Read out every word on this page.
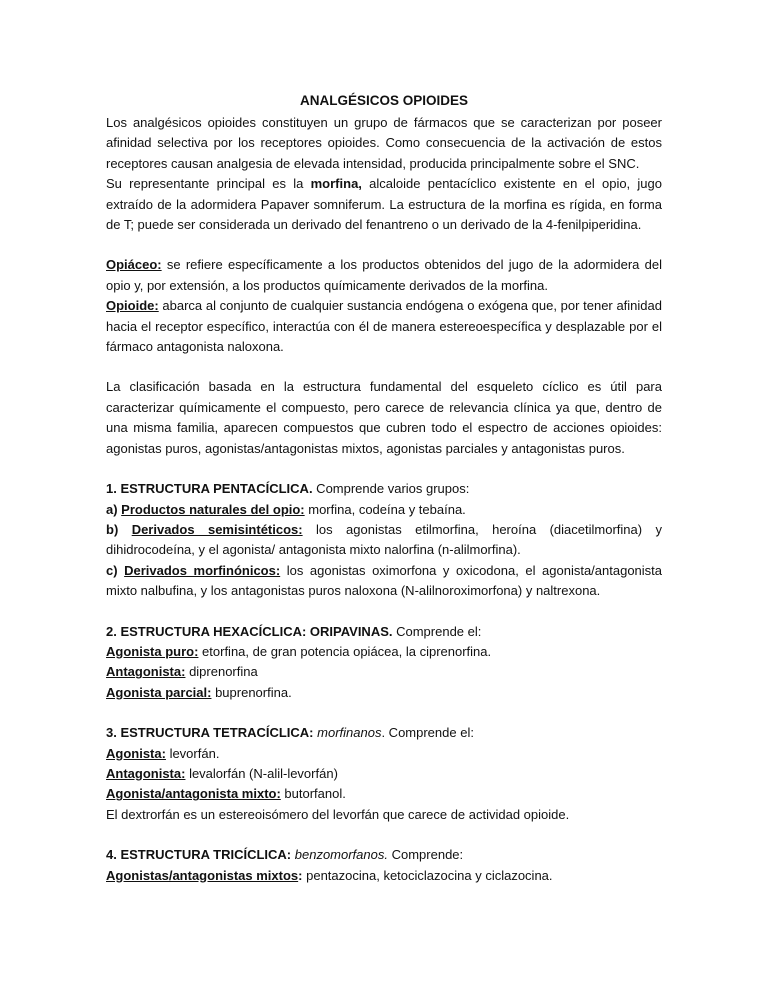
ANALGÉSICOS OPIOIDES

Los analgésicos opioides constituyen un grupo de fármacos que se caracterizan por poseer afinidad selectiva por los receptores opioides. Como consecuencia de la activación de estos receptores causan analgesia de elevada intensidad, producida principalmente sobre el SNC.

Su representante principal es la morfina, alcaloide pentacíclico existente en el opio, jugo extraído de la adormidera Papaver somniferum. La estructura de la morfina es rígida, en forma de T; puede ser considerada un derivado del fenantreno o un derivado de la 4-fenilpiperidina.

Opiáceo: se refiere específicamente a los productos obtenidos del jugo de la adormidera del opio y, por extensión, a los productos químicamente derivados de la morfina.

Opioide: abarca al conjunto de cualquier sustancia endógena o exógena que, por tener afinidad hacia el receptor específico, interactúa con él de manera estereoespecífica y desplazable por el fármaco antagonista naloxona.

La clasificación basada en la estructura fundamental del esqueleto cíclico es útil para caracterizar químicamente el compuesto, pero carece de relevancia clínica ya que, dentro de una misma familia, aparecen compuestos que cubren todo el espectro de acciones opioides: agonistas puros, agonistas/antagonistas mixtos, agonistas parciales y antagonistas puros.

1. ESTRUCTURA PENTACÍCLICA. Comprende varios grupos:

a) Productos naturales del opio: morfina, codeína y tebaína.

b) Derivados semisintéticos: los agonistas etilmorfina, heroína (diacetilmorfina) y dihidrocodeína, y el agonista/ antagonista mixto nalorfina (n-alilmorfina).

c) Derivados morfinónicos: los agonistas oximorfona y oxicodona, el agonista/antagonista mixto nalbufina, y los antagonistas puros naloxona (N-alilnoroximorfona) y naltrexona.

2. ESTRUCTURA HEXACÍCLICA: ORIPAVINAS. Comprende el:

Agonista puro: etorfina, de gran potencia opiácea, la ciprenorfina.

Antagonista: diprenorfina

Agonista parcial: buprenorfina.

3. ESTRUCTURA TETRACÍCLICA: morfinanos. Comprende el:

Agonista: levorfán.

Antagonista: levalorfán (N-alil-levorfán)

Agonista/antagonista mixto: butorfanol.

El dextrorfán es un estereoisómero del levorfán que carece de actividad opioide.

4. ESTRUCTURA TRICÍCLICA: benzomorfanos. Comprende:

Agonistas/antagonistas mixtos: pentazocina, ketociclazocina y ciclazocina.
